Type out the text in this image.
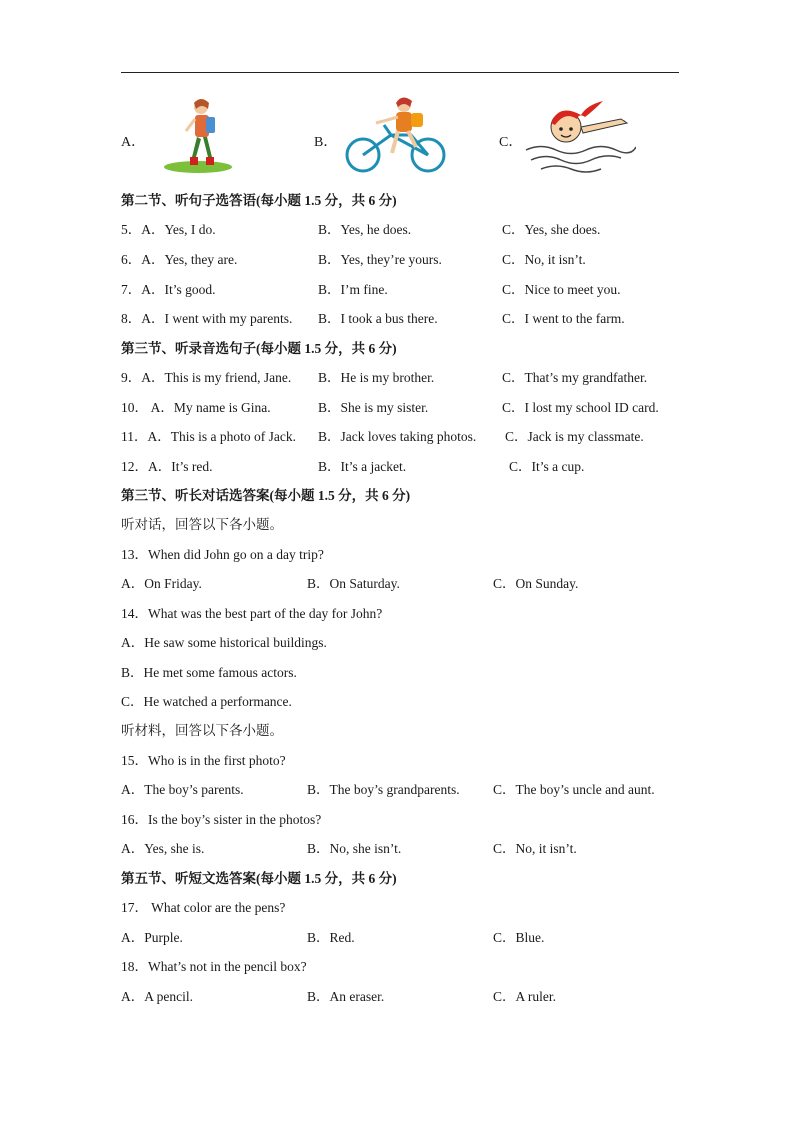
A．	B．	C．
第二节、听句子选答语(每小题 1.5 分，共 6 分)
5．A．Yes, I do.	B．Yes, he does.	C．Yes, she does.
6．A．Yes, they are.	B．Yes, they’re yours.	C．No, it isn’t.
7．A．It’s good.	B．I’m fine.	C．Nice to meet you.
8．A．I went with my parents. B．I took a bus there.	C．I went to the farm.
第三节、听录音选句子(每小题 1.5 分，共 6 分)
9．A．This is my friend, Jane. B．He is my brother.	C．That’s my grandfather.
10． A．My name is Gina.	B．She is my sister.	C．I lost my school ID card.
11．A．This is a photo of Jack. B．Jack loves taking photos. C．Jack is my classmate.
12．A．It’s red.	B．It’s a jacket.	C．It’s a cup.
第三节、听长对话选答案(每小题 1.5 分，共 6 分)
听对话，回答以下各小题。
13．When did John go on a day trip?
A．On Friday.	B．On Saturday.	C．On Sunday.
14．What was the best part of the day for John?
A．He saw some historical buildings.
B．He met some famous actors.
C．He watched a performance.
听材料，回答以下各小题。
15．Who is in the first photo?
A．The boy’s parents.	B．The boy’s grandparents. C．The boy’s uncle and aunt.
16．Is the boy’s sister in the photos?
A．Yes, she is.	B．No, she isn’t.	C．No, it isn’t.
第五节、听短文选答案(每小题 1.5 分，共 6 分)
17． What color are the pens?
A．Purple.	B．Red.	C．Blue.
18．What’s not in the pencil box?
A．A pencil.	B．An eraser.	C．A ruler.
